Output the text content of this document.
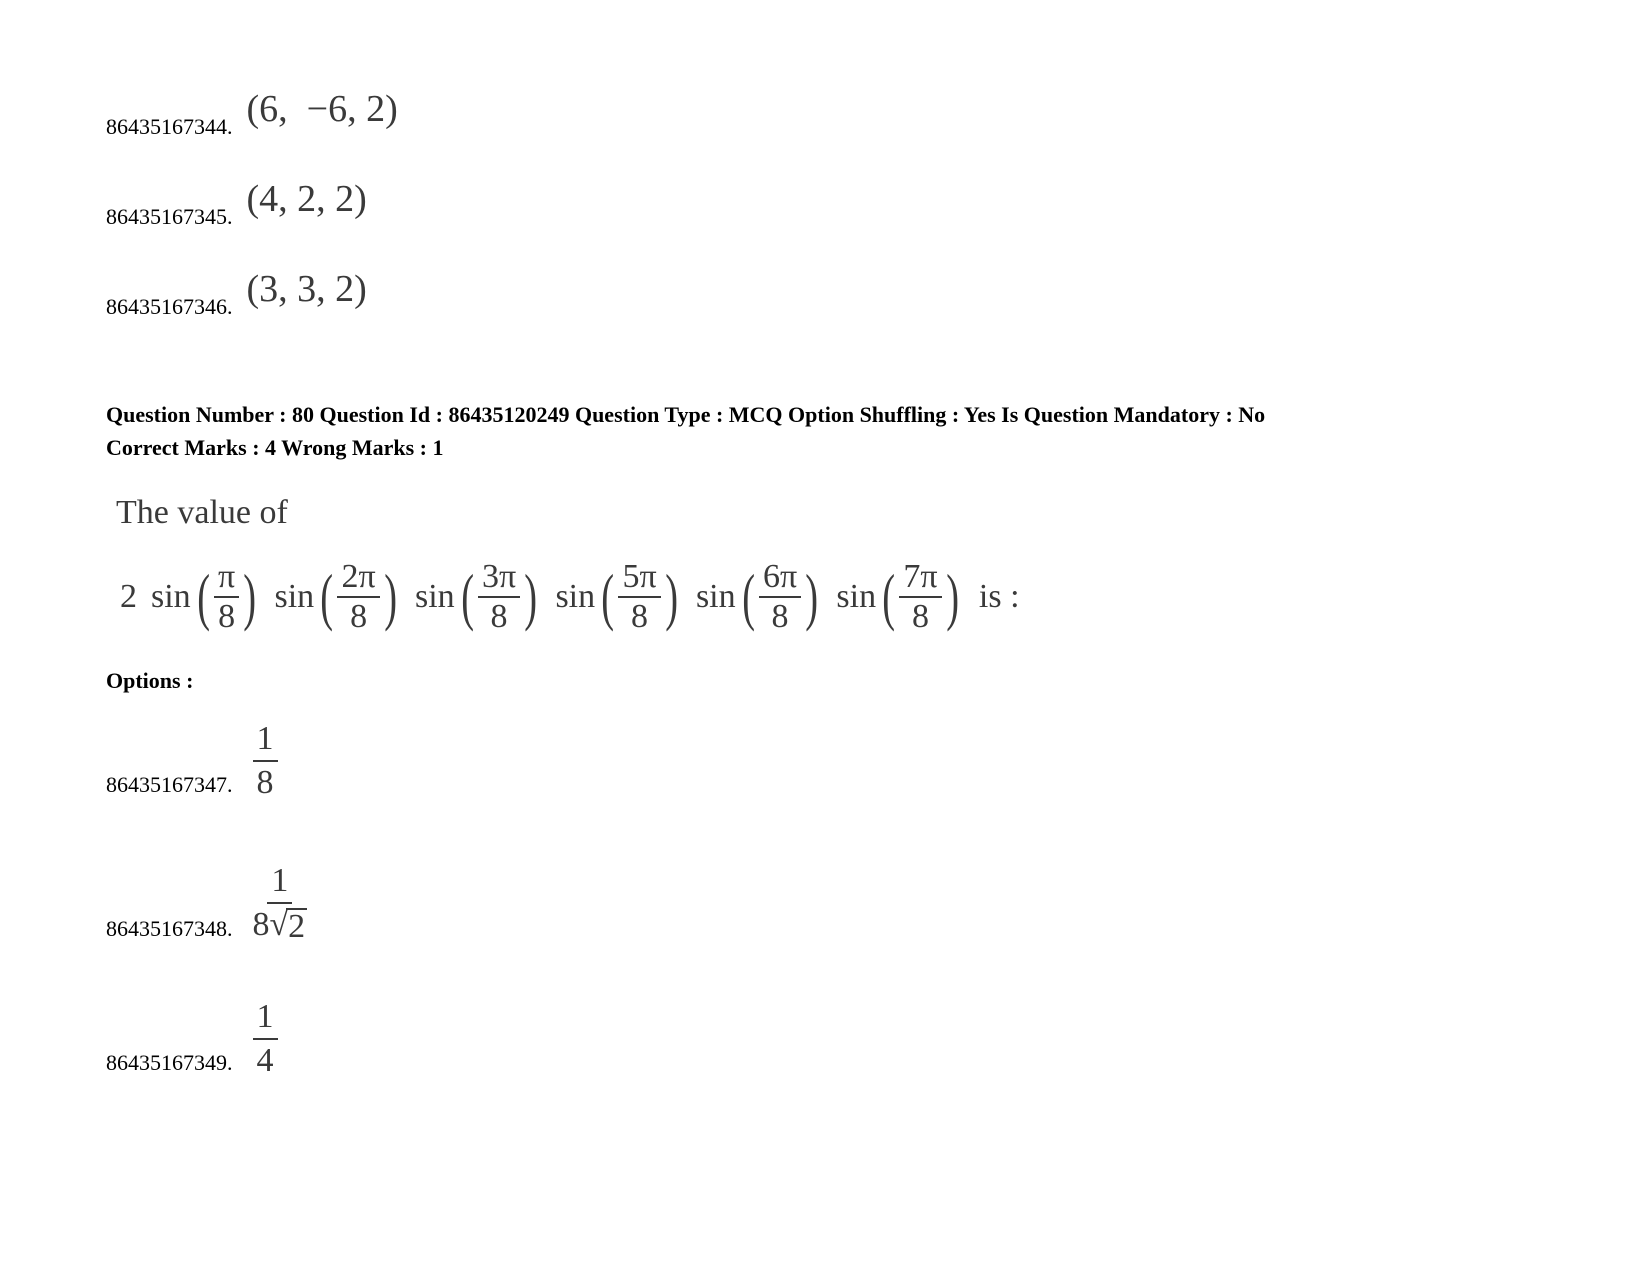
86435167344. (6,  −6, 2)
86435167345. (4, 2, 2)
86435167346. (3, 3, 2)
Question Number : 80 Question Id : 86435120249 Question Type : MCQ Option Shuffling : Yes Is Question Mandatory : No
Correct Marks : 4 Wrong Marks : 1
The value of
2 sin ( $\frac{\pi}{8}$ ) sin ( $\frac{2\pi}{8}$ ) sin ( $\frac{3\pi}{8}$ ) sin ( $\frac{5\pi}{8}$ ) sin ( $\frac{6\pi}{8}$ ) sin ( $\frac{7\pi}{8}$ ) is :
Options :
86435167347. $\frac{1}{8}$
86435167348. $\frac{1}{8 √ 2}$
86435167349. $\frac{1}{4}$
